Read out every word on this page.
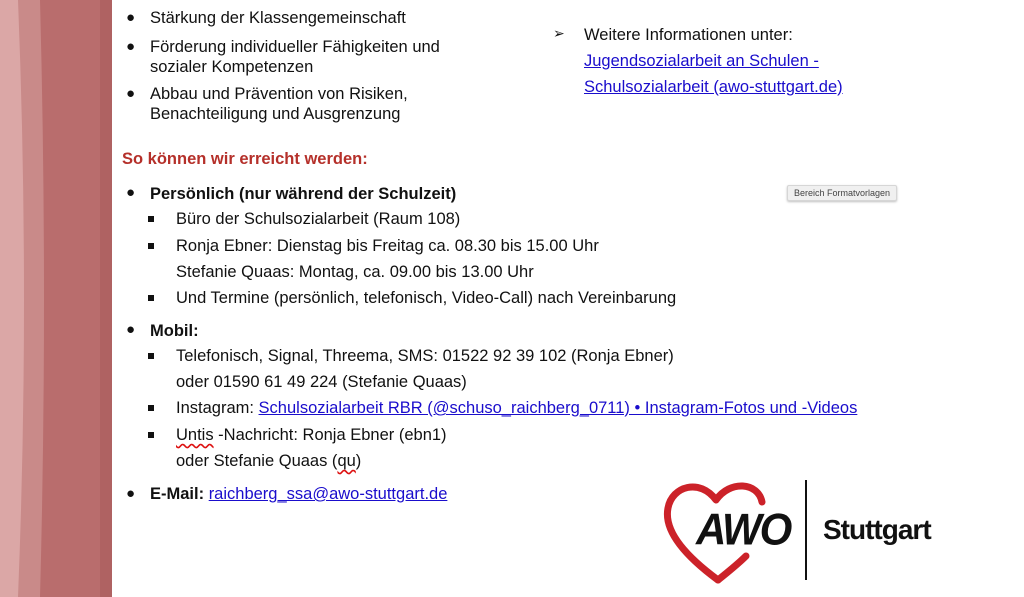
● Stärkung der Klassengemeinschaft
● Förderung individueller Fähigkeiten und
sozialer Kompetenzen
● Abbau und Prävention von Risiken,
Benachteiligung und Ausgrenzung
➢ Weitere Informationen unter:
Jugendsozialarbeit an Schulen -
Schulsozialarbeit (awo-stuttgart.de)
So können wir erreicht werden:
Bereich Formatvorlagen
● Persönlich (nur während der Schulzeit)
Büro der Schulsozialarbeit (Raum 108)
Ronja Ebner: Dienstag bis Freitag ca. 08.30 bis 15.00 Uhr
Stefanie Quaas: Montag, ca. 09.00 bis 13.00 Uhr
Und Termine (persönlich, telefonisch, Video-Call) nach Vereinbarung
● Mobil:
Telefonisch, Signal, Threema, SMS: 01522 92 39 102 (Ronja Ebner)
oder 01590 61 49 224 (Stefanie Quaas)
Instagram: Schulsozialarbeit RBR (@schuso_raichberg_0711) • Instagram-Fotos und -Videos
Untis -Nachricht: Ronja Ebner (ebn1)
oder Stefanie Quaas (qu)
● E-Mail: raichberg_ssa@awo-stuttgart.de
AWO Stuttgart
